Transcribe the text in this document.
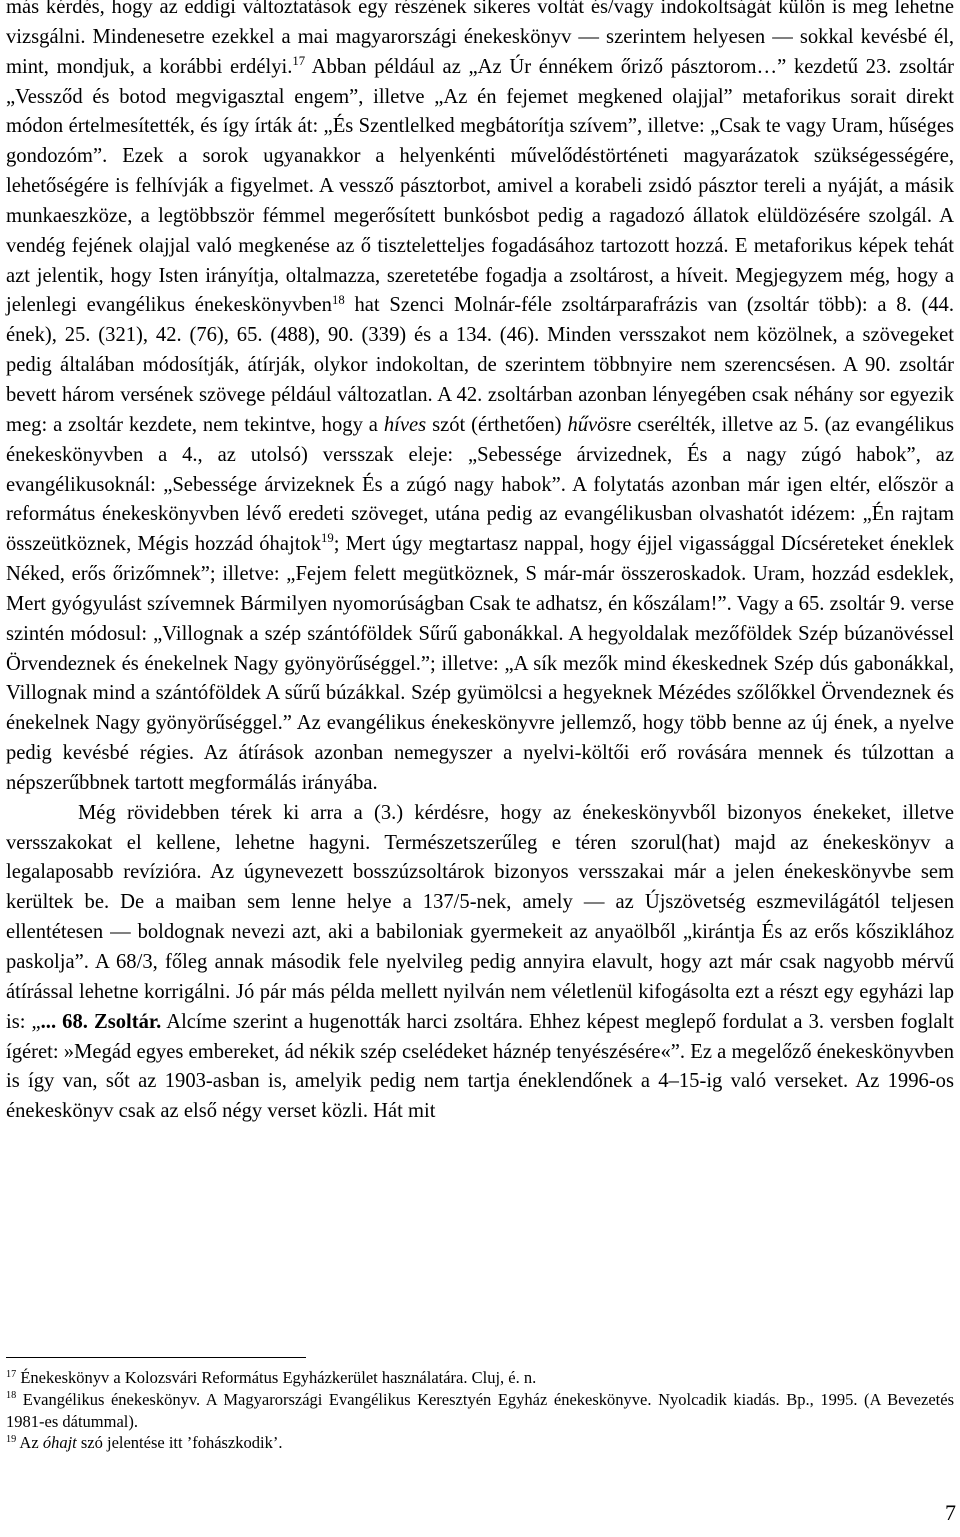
más kérdés, hogy az eddigi változtatások egy részének sikeres voltát és/vagy indokoltságát külön is meg lehetne vizsgálni. Mindenesetre ezekkel a mai magyarországi énekeskönyv — szerintem helyesen — sokkal kevésbé él, mint, mondjuk, a korábbi erdélyi.$^{17}$ Abban például az „Az Úr énnékem őriző pásztorom…” kezdetű 23. zsoltár „Vessződ és botod megvigasztal engem”, illetve „Az én fejemet megkened olajjal” metaforikus sorait direkt módon értelmesítették, és így írták át: „És Szentlelked megbátorítja szívem”, illetve: „Csak te vagy Uram, hűséges gondozóm”. Ezek a sorok ugyanakkor a helyenkénti művelődéstörténeti magyarázatok szükségességére, lehetőségére is felhívják a figyelmet. A vessző pásztorbot, amivel a korabeli zsidó pásztor tereli a nyáját, a másik munkaeszköze, a legtöbbször fémmel megerősített bunkósbot pedig a ragadozó állatok elüldözésére szolgál. A vendég fejének olajjal való megkenése az ő tiszteletteljes fogadásához tartozott hozzá. E metaforikus képek tehát azt jelentik, hogy Isten irányítja, oltalmazza, szeretetébe fogadja a zsoltárost, a híveit. Megjegyzem még, hogy a jelenlegi evangélikus énekeskönyvben$^{18}$ hat Szenci Molnár-féle zsoltárparafrázis van (zsoltár több): a 8. (44. ének), 25. (321), 42. (76), 65. (488), 90. (339) és a 134. (46). Minden versszakot nem közölnek, a szövegeket pedig általában módosítják, átírják, olykor indokoltan, de szerintem többnyire nem szerencsésen. A 90. zsoltár bevett három versének szövege például változatlan. A 42. zsoltárban azonban lényegében csak néhány sor egyezik meg: a zsoltár kezdete, nem tekintve, hogy a híves szót (érthetően) hűvösre cserélték, illetve az 5. (az evangélikus énekeskönyvben a 4., az utolsó) versszak eleje: „Sebessége árvizednek, És a nagy zúgó habok”, az evangélikusoknál: „Sebessége árvizeknek És a zúgó nagy habok”. A folytatás azonban már igen eltér, először a református énekeskönyvben lévő eredeti szöveget, utána pedig az evangélikusban olvashatót idézem: „Én rajtam összeütköznek, Mégis hozzád óhajtok$^{19}$; Mert úgy megtartasz nappal, hogy éjjel vigassággal Dícséreteket éneklek Néked, erős őrizőmnek”; illetve: „Fejem felett megütköznek, S már-már összeroskadok. Uram, hozzád esdeklek, Mert gyógyulást szívemnek Bármilyen nyomorúságban Csak te adhatsz, én kőszálam!”. Vagy a 65. zsoltár 9. verse szintén módosul: „Villognak a szép szántóföldek Sűrű gabonákkal. A hegyoldalak mezőföldek Szép búzanövéssel Örvendeznek és énekelnek Nagy gyönyörűséggel.”; illetve: „A sík mezők mind ékeskednek Szép dús gabonákkal, Villognak mind a szántóföldek A sűrű búzákkal. Szép gyümölcsi a hegyeknek Mézédes szőlőkkel Örvendeznek és énekelnek Nagy gyönyörűséggel.” Az evangélikus énekeskönyvre jellemző, hogy több benne az új ének, a nyelve pedig kevésbé régies. Az átírások azonban nemegyszer a nyelvi-költői erő rovására mennek és túlzottan a népszerűbbnek tartott megformálás irányába.

Még rövidebben térek ki arra a (3.) kérdésre, hogy az énekeskönyvből bizonyos énekeket, illetve versszakokat el kellene, lehetne hagyni. Természetszerűleg e téren szorul(hat) majd az énekeskönyv a legalaposabb revízióra. Az úgynevezett bosszúzsoltárok bizonyos versszakai már a jelen énekeskönyvbe sem kerültek be. De a maiban sem lenne helye a 137/5-nek, amely — az Újszövetség eszmevilágától teljesen ellentétesen — boldognak nevezi azt, aki a babiloniak gyermekeit az anyaölből „kirántja És az erős kősziklához paskolja”. A 68/3, főleg annak második fele nyelvileg pedig annyira elavult, hogy azt már csak nagyobb mérvű átírással lehetne korrigálni. Jó pár más példa mellett nyilván nem véletlenül kifogásolta ezt a részt egy egyházi lap is: „... 68. Zsoltár. Alcíme szerint a hugenották harci zsoltára. Ehhez képest meglepő fordulat a 3. versben foglalt ígéret: »Megád egyes embereket, ád nékik szép cselédeket háznép tenyészésére«”. Ez a megelőző énekeskönyvben is így van, sőt az 1903-asban is, amelyik pedig nem tartja éneklendőnek a 4–15-ig való verseket. Az 1996-os énekeskönyv csak az első négy verset közli. Hát mit

$^{17}$ Énekeskönyv a Kolozsvári Református Egyházkerület használatára. Cluj, é. n.

$^{18}$ Evangélikus énekeskönyv. A Magyarországi Evangélikus Keresztyén Egyház énekeskönyve. Nyolcadik kiadás. Bp., 1995. (A Bevezetés 1981-es dátummal).

$^{19}$ Az óhajt szó jelentése itt ’fohászkodik’.

7
